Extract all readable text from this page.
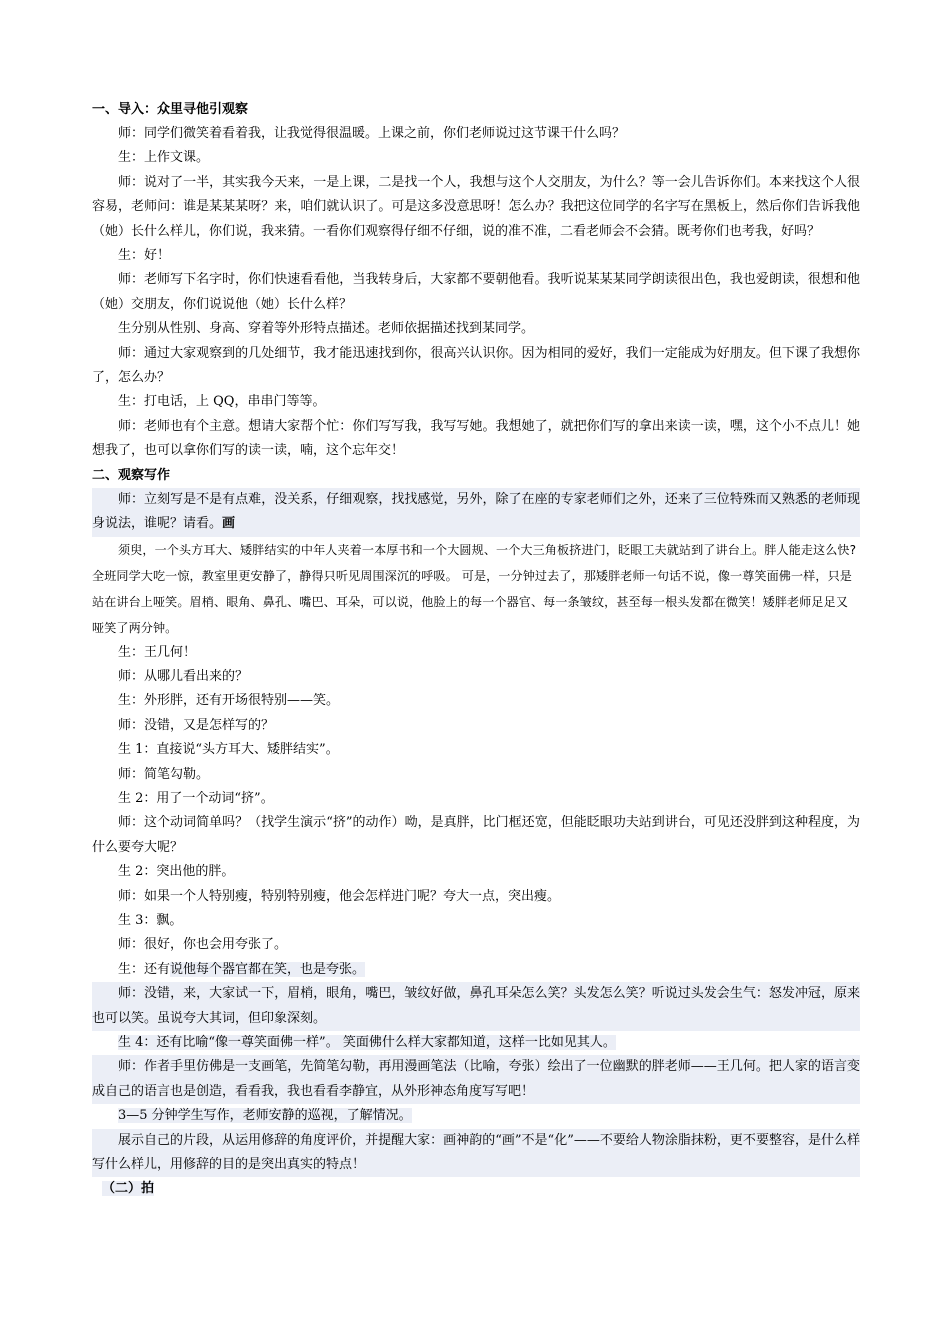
一、导入：众里寻他引观察

师：同学们微笑着看着我，让我觉得很温暖。上课之前，你们老师说过这节课干什么吗？

生：上作文课。

师：说对了一半，其实我今天来，一是上课，二是找一个人，我想与这个人交朋友，为什么？等一会儿告诉你们。本来找这个人很容易，老师问：谁是某某某呀？来，咱们就认识了。可是这多没意思呀！怎么办？我把这位同学的名字写在黑板上，然后你们告诉我他（她）长什么样儿，你们说，我来猜。一看你们观察得仔细不仔细，说的准不准，二看老师会不会猜。既考你们也考我，好吗？

生：好！

师：老师写下名字时，你们快速看看他，当我转身后，大家都不要朝他看。我听说某某某同学朗读很出色，我也爱朗读，很想和他（她）交朋友，你们说说他（她）长什么样？

生分别从性别、身高、穿着等外形特点描述。老师依据描述找到某同学。

师：通过大家观察到的几处细节，我才能迅速找到你，很高兴认识你。因为相同的爱好，我们一定能成为好朋友。但下课了我想你了，怎么办？

生：打电话，上 QQ，串串门等等。

师：老师也有个主意。想请大家帮个忙：你们写写我，我写写她。我想她了，就把你们写的拿出来读一读，嘿，这个小不点儿！她想我了，也可以拿你们写的读一读，喃，这个忘年交！

二、观察写作

师：立刻写是不是有点难，没关系，仔细观察，找找感觉，另外，除了在座的专家老师们之外，还来了三位特殊而又熟悉的老师现身说法，谁呢？请看。画

须臾，一个头方耳大、矮胖结实的中年人夹着一本厚书和一个大圆规、一个大三角板挤进门，眨眼工夫就站到了讲台上。胖人能走这么快?全班同学大吃一惊，教室里更安静了，静得只听见周围深沉的呼吸。 可是，一分钟过去了，那矮胖老师一句话不说，像一尊笑面佛一样，只是站在讲台上哑笑。眉梢、眼角、鼻孔、嘴巴、耳朵，可以说，他脸上的每一个器官、每一条皱纹，甚至每一根头发都在微笑！矮胖老师足足又哑笑了两分钟。

生：王几何！

师：从哪儿看出来的？

生：外形胖，还有开场很特别——笑。

师：没错，又是怎样写的？

生 1：直接说“头方耳大、矮胖结实”。

师：简笔勾勒。

生 2：用了一个动词“挤”。

师：这个动词简单吗？（找学生演示“挤”的动作）呦，是真胖，比门框还宽，但能眨眼功夫站到讲台，可见还没胖到这种程度，为什么要夸大呢？

生 2：突出他的胖。

师：如果一个人特别瘦，特别特别瘦，他会怎样进门呢？夸大一点，突出瘦。

生 3：飘。

师：很好，你也会用夸张了。

生：还有说他每个器官都在笑，也是夸张。

师：没错，来，大家试一下，眉梢，眼角，嘴巴，皱纹好做，鼻孔耳朵怎么笑？头发怎么笑？听说过头发会生气：怒发冲冠，原来也可以笑。虽说夸大其词，但印象深刻。

生 4：还有比喻“像一尊笑面佛一样”。 笑面佛什么样大家都知道，这样一比如见其人。

师：作者手里仿佛是一支画笔，先简笔勾勒，再用漫画笔法（比喻，夸张）绘出了一位幽默的胖老师——王几何。把人家的语言变成自己的语言也是创造，看看我，我也看看李静宜，从外形神态角度写写吧！

3—5 分钟学生写作，老师安静的巡视，了解情况。

展示自己的片段，从运用修辞的角度评价，并提醒大家：画神韵的“画”不是“化”——不要给人物涂脂抹粉，更不要整容，是什么样写什么样儿，用修辞的目的是突出真实的特点！

（二）拍
